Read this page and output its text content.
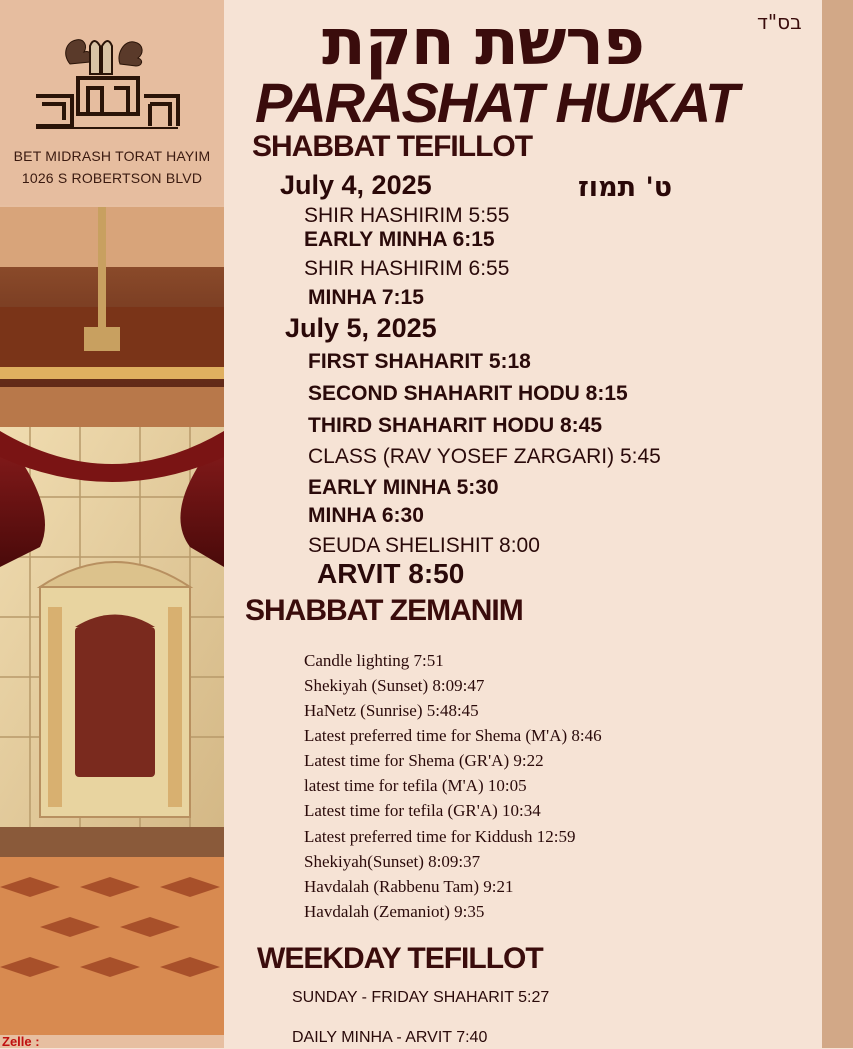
BET MIDRASH TORAT HAYIM
1026 S ROBERTSON BLVD
Zelle :
בס"ד
פרשת חקת
PARASHAT HUKAT
SHABBAT TEFILLOT
July 4, 2025	ט' תמוז
SHIR HASHIRIM 5:55
EARLY MINHA 6:15
SHIR HASHIRIM 6:55
MINHA 7:15
July 5, 2025
FIRST SHAHARIT 5:18
SECOND SHAHARIT HODU 8:15
THIRD SHAHARIT HODU 8:45
CLASS (RAV YOSEF ZARGARI) 5:45
EARLY MINHA 5:30
MINHA 6:30
SEUDA SHELISHIT 8:00
ARVIT 8:50
SHABBAT ZEMANIM
Candle lighting 7:51
Shekiyah (Sunset) 8:09:47
HaNetz (Sunrise) 5:48:45
Latest preferred time for Shema (M'A) 8:46
Latest time for Shema (GR'A) 9:22
latest time for tefila (M'A) 10:05
Latest time for tefila (GR'A) 10:34
Latest preferred time for Kiddush 12:59
Shekiyah(Sunset) 8:09:37
Havdalah (Rabbenu Tam) 9:21
Havdalah (Zemaniot) 9:35
WEEKDAY TEFILLOT
SUNDAY - FRIDAY SHAHARIT 5:27
DAILY MINHA - ARVIT 7:40
